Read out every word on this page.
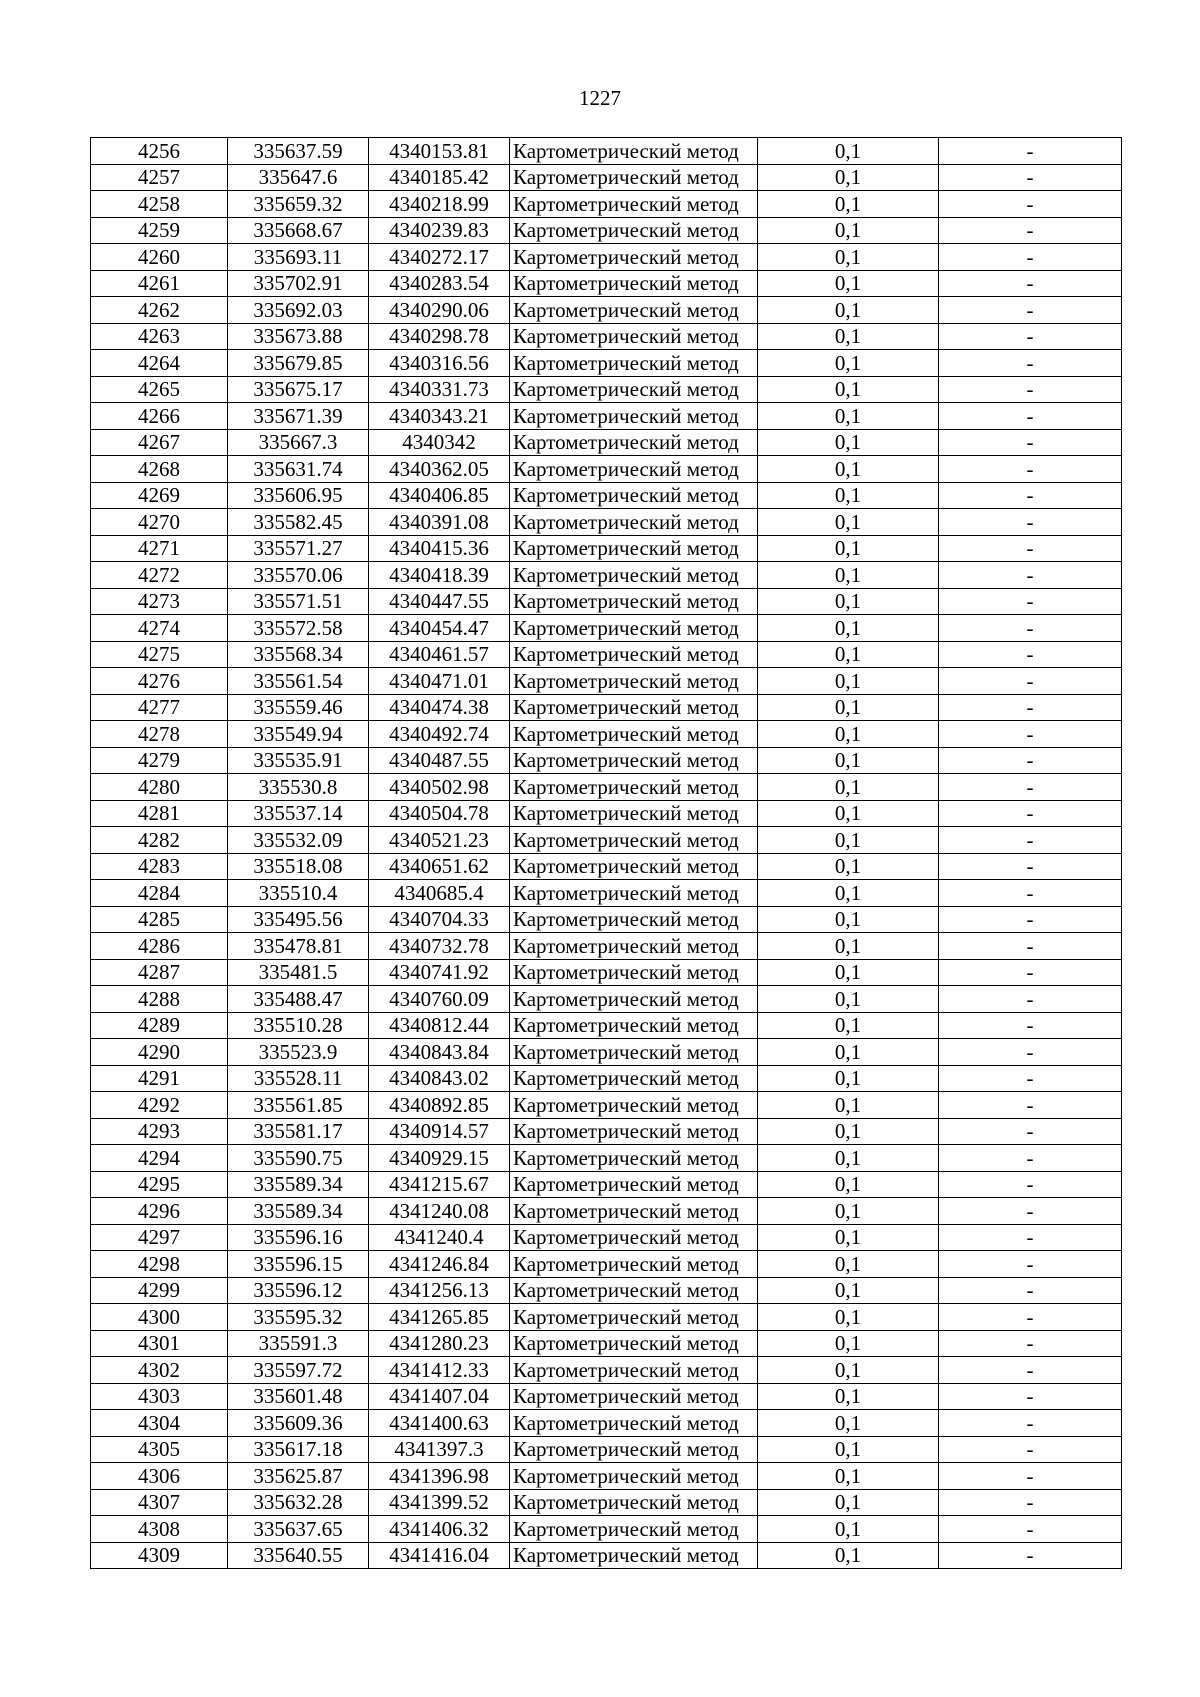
1227
4256	335637.59	4340153.81	Картометрический метод	0,1	-
4257	335647.6	4340185.42	Картометрический метод	0,1	-
4258	335659.32	4340218.99	Картометрический метод	0,1	-
4259	335668.67	4340239.83	Картометрический метод	0,1	-
4260	335693.11	4340272.17	Картометрический метод	0,1	-
4261	335702.91	4340283.54	Картометрический метод	0,1	-
4262	335692.03	4340290.06	Картометрический метод	0,1	-
4263	335673.88	4340298.78	Картометрический метод	0,1	-
4264	335679.85	4340316.56	Картометрический метод	0,1	-
4265	335675.17	4340331.73	Картометрический метод	0,1	-
4266	335671.39	4340343.21	Картометрический метод	0,1	-
4267	335667.3	4340342	Картометрический метод	0,1	-
4268	335631.74	4340362.05	Картометрический метод	0,1	-
4269	335606.95	4340406.85	Картометрический метод	0,1	-
4270	335582.45	4340391.08	Картометрический метод	0,1	-
4271	335571.27	4340415.36	Картометрический метод	0,1	-
4272	335570.06	4340418.39	Картометрический метод	0,1	-
4273	335571.51	4340447.55	Картометрический метод	0,1	-
4274	335572.58	4340454.47	Картометрический метод	0,1	-
4275	335568.34	4340461.57	Картометрический метод	0,1	-
4276	335561.54	4340471.01	Картометрический метод	0,1	-
4277	335559.46	4340474.38	Картометрический метод	0,1	-
4278	335549.94	4340492.74	Картометрический метод	0,1	-
4279	335535.91	4340487.55	Картометрический метод	0,1	-
4280	335530.8	4340502.98	Картометрический метод	0,1	-
4281	335537.14	4340504.78	Картометрический метод	0,1	-
4282	335532.09	4340521.23	Картометрический метод	0,1	-
4283	335518.08	4340651.62	Картометрический метод	0,1	-
4284	335510.4	4340685.4	Картометрический метод	0,1	-
4285	335495.56	4340704.33	Картометрический метод	0,1	-
4286	335478.81	4340732.78	Картометрический метод	0,1	-
4287	335481.5	4340741.92	Картометрический метод	0,1	-
4288	335488.47	4340760.09	Картометрический метод	0,1	-
4289	335510.28	4340812.44	Картометрический метод	0,1	-
4290	335523.9	4340843.84	Картометрический метод	0,1	-
4291	335528.11	4340843.02	Картометрический метод	0,1	-
4292	335561.85	4340892.85	Картометрический метод	0,1	-
4293	335581.17	4340914.57	Картометрический метод	0,1	-
4294	335590.75	4340929.15	Картометрический метод	0,1	-
4295	335589.34	4341215.67	Картометрический метод	0,1	-
4296	335589.34	4341240.08	Картометрический метод	0,1	-
4297	335596.16	4341240.4	Картометрический метод	0,1	-
4298	335596.15	4341246.84	Картометрический метод	0,1	-
4299	335596.12	4341256.13	Картометрический метод	0,1	-
4300	335595.32	4341265.85	Картометрический метод	0,1	-
4301	335591.3	4341280.23	Картометрический метод	0,1	-
4302	335597.72	4341412.33	Картометрический метод	0,1	-
4303	335601.48	4341407.04	Картометрический метод	0,1	-
4304	335609.36	4341400.63	Картометрический метод	0,1	-
4305	335617.18	4341397.3	Картометрический метод	0,1	-
4306	335625.87	4341396.98	Картометрический метод	0,1	-
4307	335632.28	4341399.52	Картометрический метод	0,1	-
4308	335637.65	4341406.32	Картометрический метод	0,1	-
4309	335640.55	4341416.04	Картометрический метод	0,1	-
